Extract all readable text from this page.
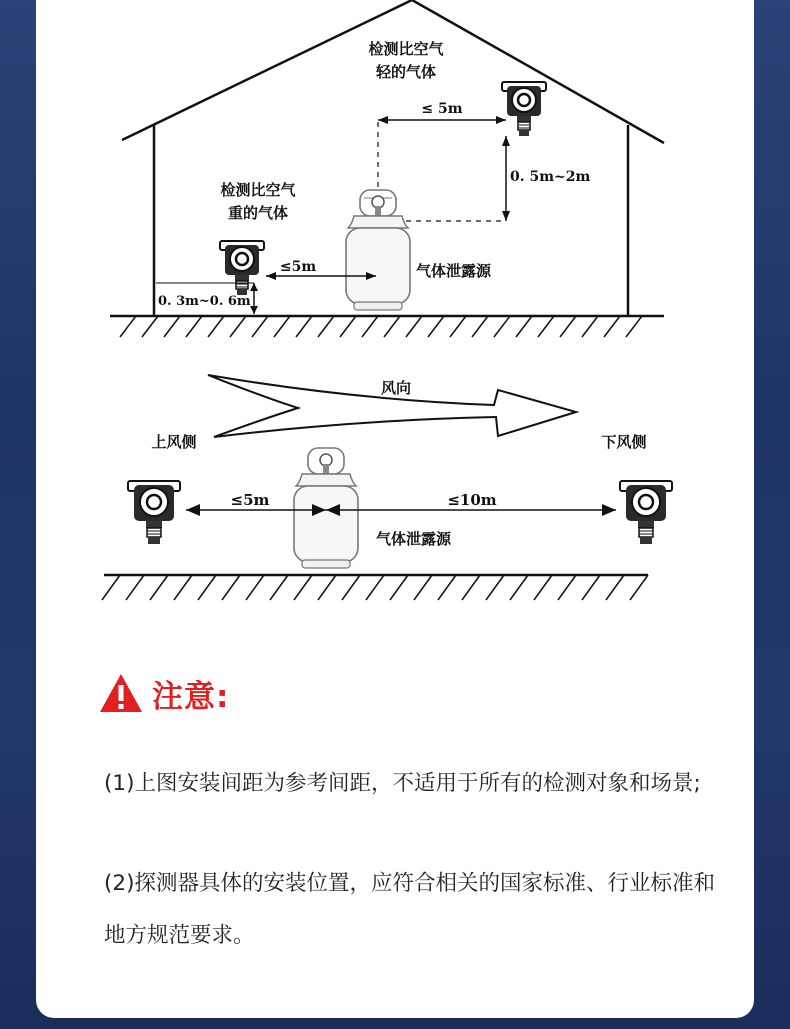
检测比空气
轻的气体
检测比空气
重的气体
≤ 5m
0. 5m~2m
≤5m
0. 3m~0. 6m
气体泄露源
风向
上风侧	下风侧
≤5m	≤10m
气体泄露源
注意:
(1)上图安装间距为参考间距，不适用于所有的检测对象和场景;
(2)探测器具体的安装位置，应符合相关的国家标准、行业标准和地方规范要求。
